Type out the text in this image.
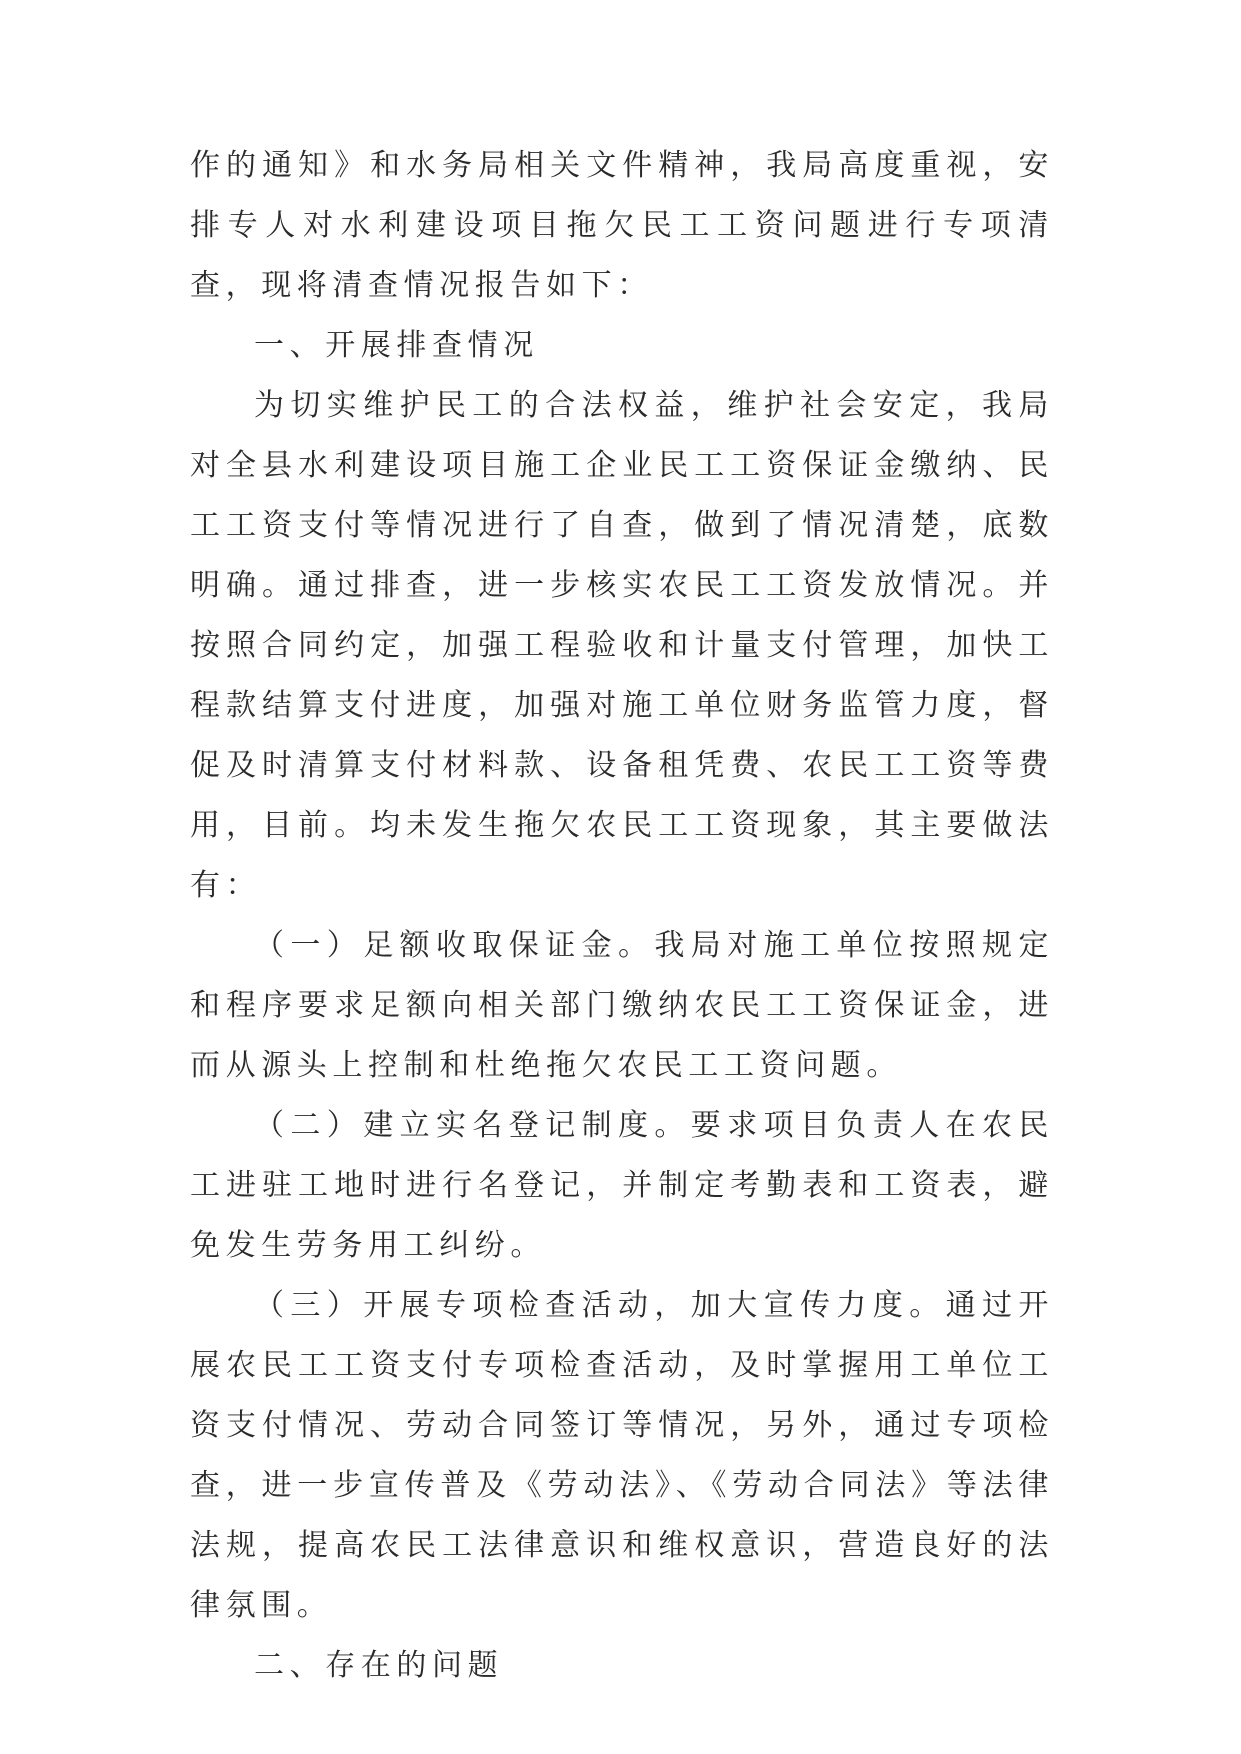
作的通知》和水务局相关文件精神，我局高度重视，安排专人对水利建设项目拖欠民工工资问题进行专项清查，现将清查情况报告如下：

一、开展排查情况

为切实维护民工的合法权益，维护社会安定，我局对全县水利建设项目施工企业民工工资保证金缴纳、民工工资支付等情况进行了自查，做到了情况清楚，底数明确。通过排查，进一步核实农民工工资发放情况。并按照合同约定，加强工程验收和计量支付管理，加快工程款结算支付进度，加强对施工单位财务监管力度，督促及时清算支付材料款、设备租凭费、农民工工资等费用，目前。均未发生拖欠农民工工资现象，其主要做法有：

（一）足额收取保证金。我局对施工单位按照规定和程序要求足额向相关部门缴纳农民工工资保证金，进而从源头上控制和杜绝拖欠农民工工资问题。

（二）建立实名登记制度。要求项目负责人在农民工进驻工地时进行名登记，并制定考勤表和工资表，避免发生劳务用工纠纷。

（三）开展专项检查活动，加大宣传力度。通过开展农民工工资支付专项检查活动，及时掌握用工单位工资支付情况、劳动合同签订等情况，另外，通过专项检查，进一步宣传普及《劳动法》、《劳动合同法》等法律法规，提高农民工法律意识和维权意识，营造良好的法律氛围。

二、存在的问题
